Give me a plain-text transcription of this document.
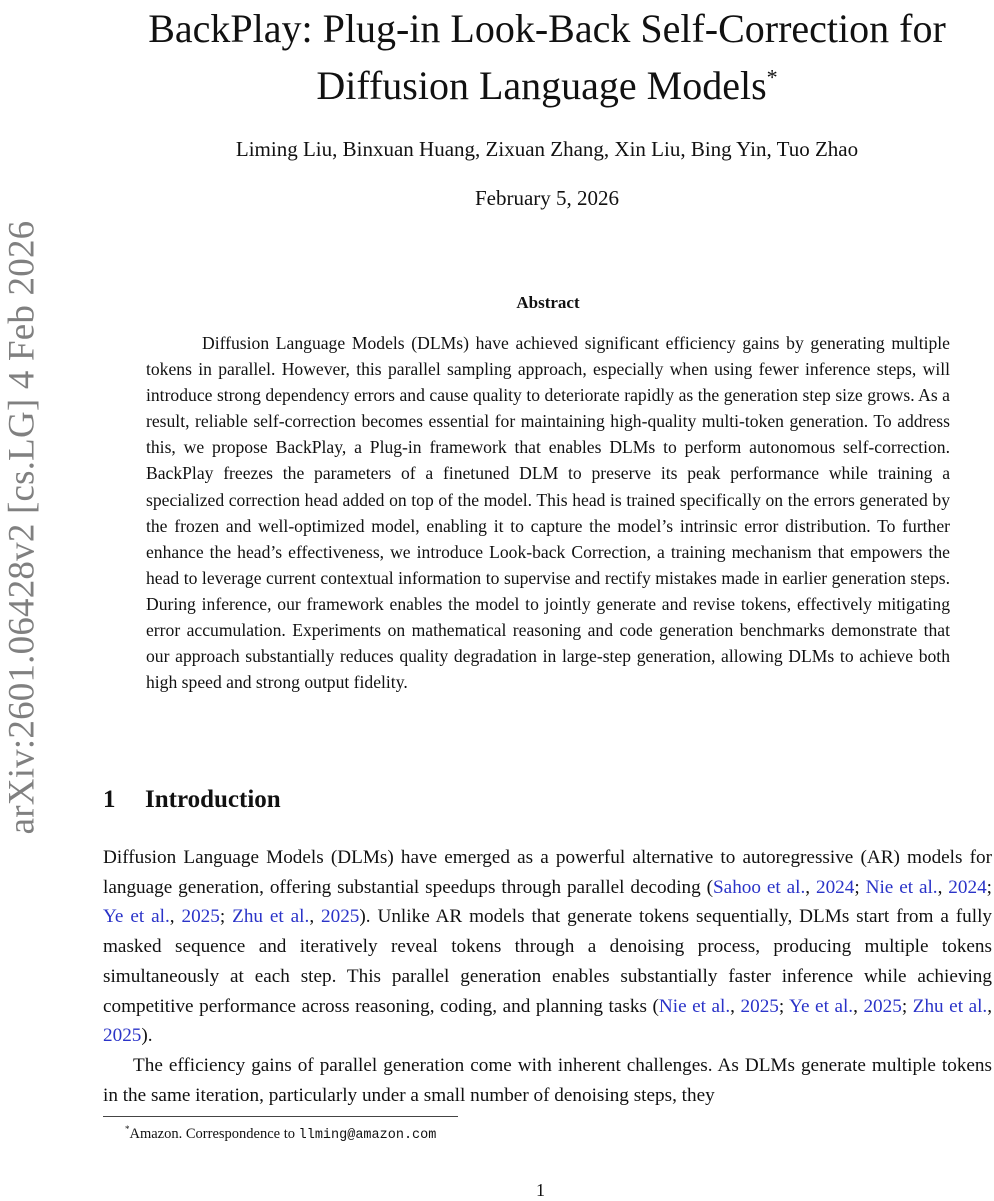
arXiv:2601.06428v2 [cs.LG] 4 Feb 2026
BackPlay: Plug-in Look-Back Self-Correction for
Diffusion Language Models*
Liming Liu, Binxuan Huang, Zixuan Zhang, Xin Liu, Bing Yin, Tuo Zhao
February 5, 2026
Abstract

Diffusion Language Models (DLMs) have achieved significant efficiency gains by generating multiple tokens in parallel. However, this parallel sampling approach, especially when using fewer inference steps, will introduce strong dependency errors and cause quality to deteriorate rapidly as the generation step size grows. As a result, reliable self-correction becomes essential for maintaining high-quality multi-token generation. To address this, we propose BackPlay, a Plug-in framework that enables DLMs to perform autonomous self-correction. BackPlay freezes the parameters of a finetuned DLM to preserve its peak performance while training a specialized correction head added on top of the model. This head is trained specifically on the errors generated by the frozen and well-optimized model, enabling it to capture the model’s intrinsic error distribution. To further enhance the head’s effectiveness, we introduce Look-back Correction, a training mechanism that empowers the head to leverage current contextual information to supervise and rectify mistakes made in earlier generation steps. During inference, our framework enables the model to jointly generate and revise tokens, effectively mitigating error accumulation. Experiments on mathematical reasoning and code generation benchmarks demonstrate that our approach substantially reduces quality degradation in large-step generation, allowing DLMs to achieve both high speed and strong output fidelity.

1 Introduction

Diffusion Language Models (DLMs) have emerged as a powerful alternative to autoregressive (AR) models for language generation, offering substantial speedups through parallel decoding (Sahoo et al., 2024; Nie et al., 2024; Ye et al., 2025; Zhu et al., 2025). Unlike AR models that generate tokens sequentially, DLMs start from a fully masked sequence and iteratively reveal tokens through a denoising process, producing multiple tokens simultaneously at each step. This parallel generation enables substantially faster inference while achieving competitive performance across reasoning, coding, and planning tasks (Nie et al., 2025; Ye et al., 2025; Zhu et al., 2025).

The efficiency gains of parallel generation come with inherent challenges. As DLMs generate multiple tokens in the same iteration, particularly under a small number of denoising steps, they

*Amazon. Correspondence to llming@amazon.com
1
